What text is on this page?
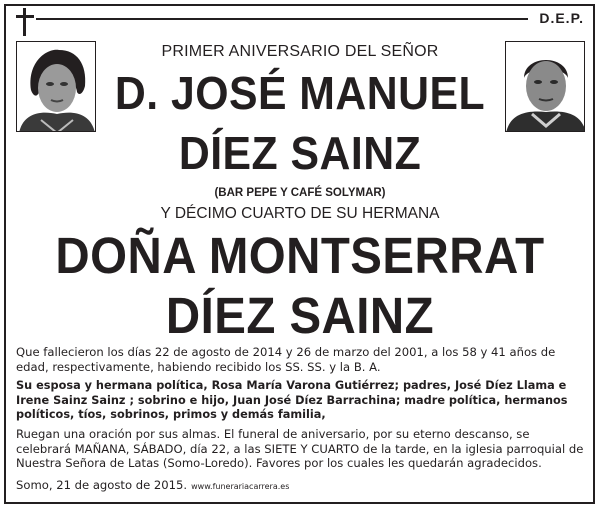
D.E.P.
PRIMER ANIVERSARIO DEL SEÑOR
D. JOSÉ MANUEL
DÍEZ SAINZ
(BAR PEPE Y CAFÉ SOLYMAR)
Y DÉCIMO CUARTO DE SU HERMANA
DOÑA MONTSERRAT
DÍEZ SAINZ
Que fallecieron los días 22 de agosto de 2014 y 26 de marzo del 2001, a los 58 y 41 años de edad, respectivamente, habiendo recibido los SS. SS. y la B. A.
Su esposa y hermana política, Rosa María Varona Gutiérrez; padres, José Díez Llama e Irene Sainz Sainz ; sobrino e hijo, Juan José Díez Barrachina; madre política, hermanos políticos, tíos, sobrinos, primos y demás familia,
Ruegan una oración por sus almas. El funeral de aniversario, por su eterno descanso, se celebrará MAÑANA, SÁBADO, día 22, a las SIETE Y CUARTO de la tarde, en la iglesia parroquial de Nuestra Señora de Latas (Somo-Loredo). Favores por los cuales les quedarán agradecidos.
Somo, 21 de agosto de 2015. www.funerariacarrera.es
